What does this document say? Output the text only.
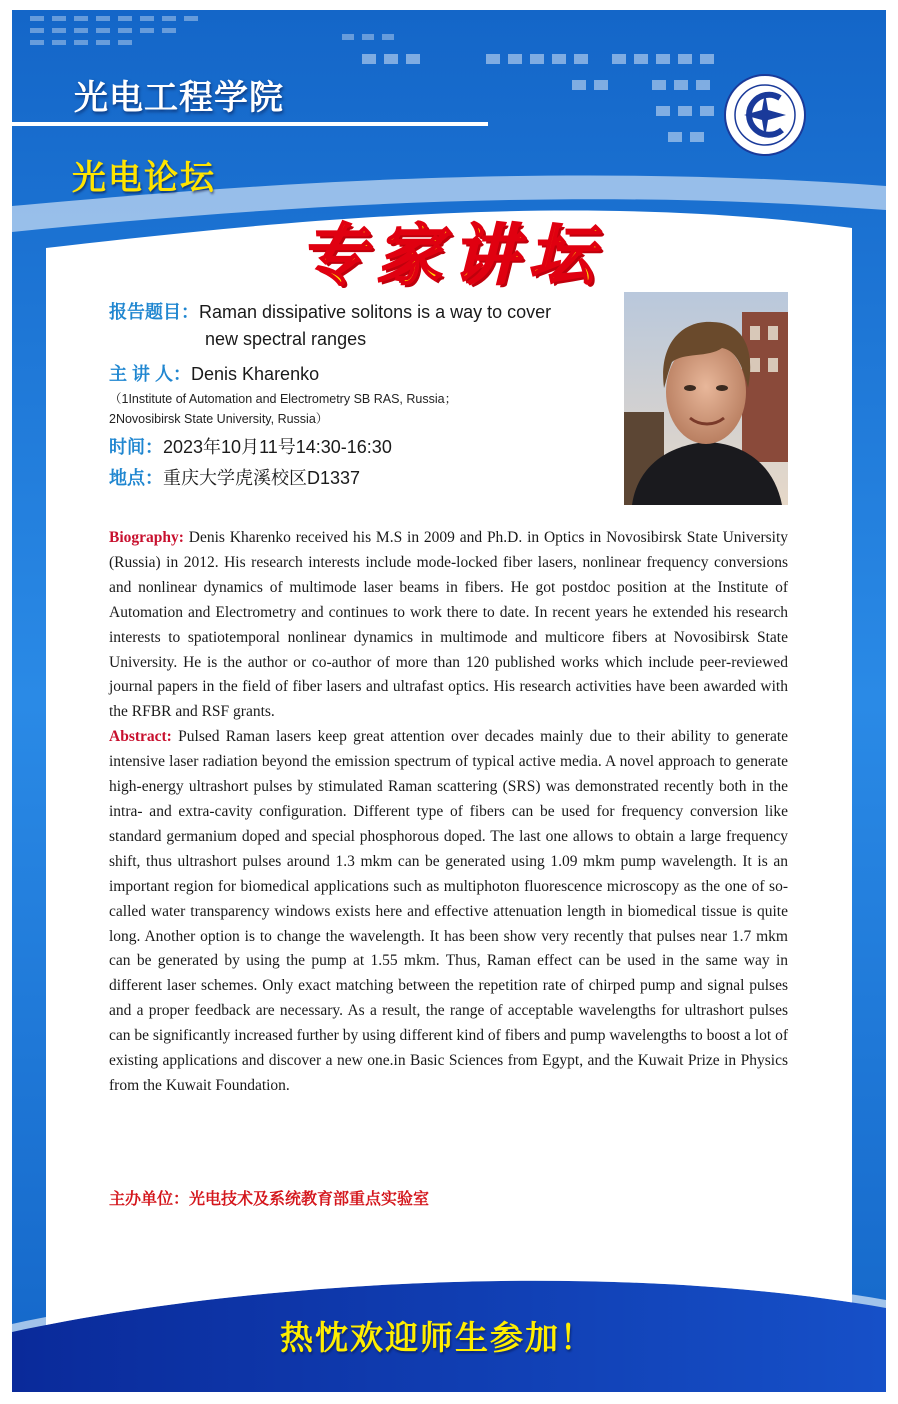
光电工程学院
光电论坛
专家讲坛
报告题目：Raman dissipative solitons is a way to cover
new spectral ranges
主 讲 人：Denis Kharenko
（1Institute of Automation and Electrometry SB RAS, Russia；
2Novosibirsk State University, Russia）
时间：2023年10月11号14:30-16:30
地点：重庆大学虎溪校区D1337

Biography: Denis Kharenko received his M.S in 2009 and Ph.D. in Optics in Novosibirsk State University (Russia) in 2012. His research interests include mode-locked fiber lasers, nonlinear frequency conversions and nonlinear dynamics of multimode laser beams in fibers. He got postdoc position at the Institute of Automation and Electrometry and continues to work there to date. In recent years he extended his research interests to spatiotemporal nonlinear dynamics in multimode and multicore fibers at Novosibirsk State University. He is the author or co-author of more than 120 published works which include peer-reviewed journal papers in the field of fiber lasers and ultrafast optics. His research activities have been awarded with the RFBR and RSF grants.

Abstract: Pulsed Raman lasers keep great attention over decades mainly due to their ability to generate intensive laser radiation beyond the emission spectrum of typical active media. A novel approach to generate high-energy ultrashort pulses by stimulated Raman scattering (SRS) was demonstrated recently both in the intra- and extra-cavity configuration. Different type of fibers can be used for frequency conversion like standard germanium doped and special phosphorous doped. The last one allows to obtain a large frequency shift, thus ultrashort pulses around 1.3 mkm can be generated using 1.09 mkm pump wavelength. It is an important region for biomedical applications such as multiphoton fluorescence microscopy as the one of so-called water transparency windows exists here and effective attenuation length in biomedical tissue is quite long. Another option is to change the wavelength. It has been show very recently that pulses near 1.7 mkm can be generated by using the pump at 1.55 mkm. Thus, Raman effect can be used in the same way in different laser schemes. Only exact matching between the repetition rate of chirped pump and signal pulses and a proper feedback are necessary. As a result, the range of acceptable wavelengths for ultrashort pulses can be significantly increased further by using different kind of fibers and pump wavelengths to boost a lot of existing applications and discover a new one.in Basic Sciences from Egypt, and the Kuwait Prize in Physics from the Kuwait Foundation.

主办单位：光电技术及系统教育部重点实验室
热忱欢迎师生参加！
